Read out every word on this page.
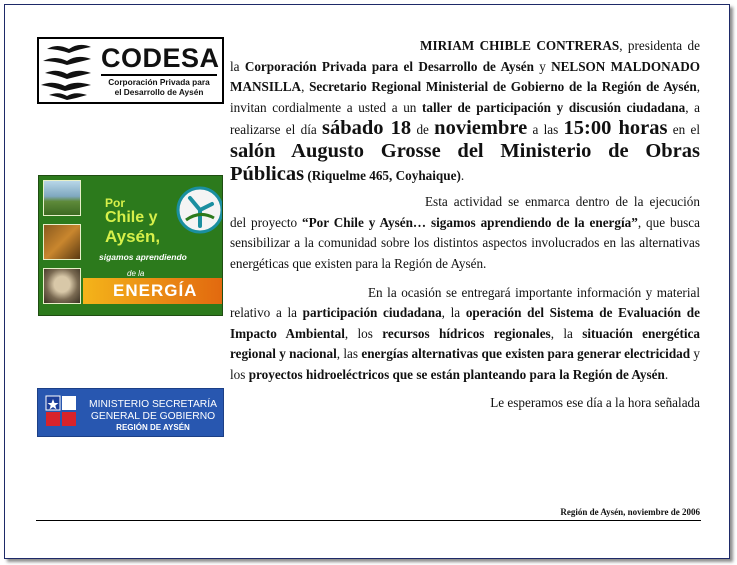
CODESA
Corporación Privada para
el Desarrollo de Aysén
Por
Chile y
Aysén,
sigamos aprendiendo
de la
ENERGÍA
MINISTERIO SECRETARÍA
GENERAL DE GOBIERNO
REGIÓN DE AYSÉN

MIRIAM CHIBLE CONTRERAS, presidenta de la Corporación Privada para el Desarrollo de Aysén y NELSON MALDONADO MANSILLA, Secretario Regional Ministerial de Gobierno de la Región de Aysén, invitan cordialmente a usted a un taller de participación y discusión ciudadana, a realizarse el día sábado 18 de noviembre a las 15:00 horas en el salón Augusto Grosse del Ministerio de Obras Públicas (Riquelme 465, Coyhaique).

Esta actividad se enmarca dentro de la ejecución del proyecto “Por Chile y Aysén… sigamos aprendiendo de la energía”, que busca sensibilizar a la comunidad sobre los distintos aspectos involucrados en las alternativas energéticas que existen para la Región de Aysén.

En la ocasión se entregará importante información y material relativo a la participación ciudadana, la operación del Sistema de Evaluación de Impacto Ambiental, los recursos hídricos regionales, la situación energética regional y nacional, las energías alternativas que existen para generar electricidad y los proyectos hidroeléctricos que se están planteando para la Región de Aysén.

Le esperamos ese día a la hora señalada

Región de Aysén, noviembre de 2006
